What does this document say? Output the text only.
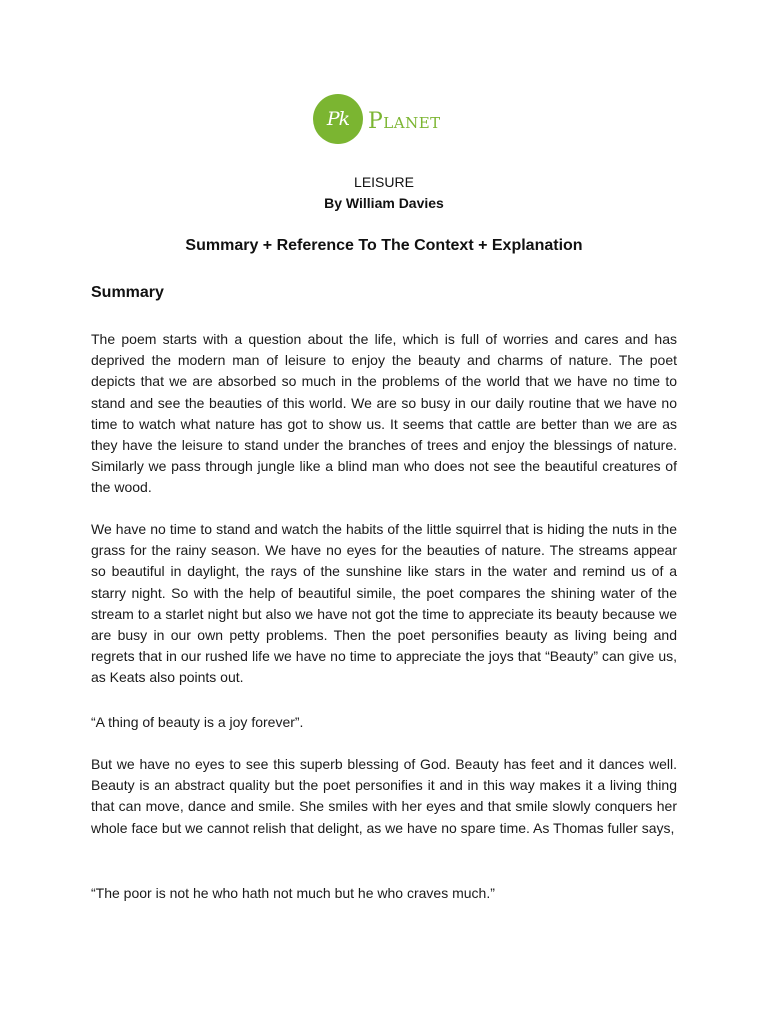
Pk Planet
LEISURE
By William Davies
Summary + Reference To The Context + Explanation
Summary

The poem starts with a question about the life, which is full of worries and cares and has deprived the modern man of leisure to enjoy the beauty and charms of nature. The poet depicts that we are absorbed so much in the problems of the world that we have no time to stand and see the beauties of this world. We are so busy in our daily routine that we have no time to watch what nature has got to show us. It seems that cattle are better than we are as they have the leisure to stand under the branches of trees and enjoy the blessings of nature. Similarly we pass through jungle like a blind man who does not see the beautiful creatures of the wood.

We have no time to stand and watch the habits of the little squirrel that is hiding the nuts in the grass for the rainy season. We have no eyes for the beauties of nature. The streams appear so beautiful in daylight, the rays of the sunshine like stars in the water and remind us of a starry night. So with the help of beautiful simile, the poet compares the shining water of the stream to a starlet night but also we have not got the time to appreciate its beauty because we are busy in our own petty problems. Then the poet personifies beauty as living being and regrets that in our rushed life we have no time to appreciate the joys that “Beauty” can give us, as Keats also points out.

“A thing of beauty is a joy forever”.

But we have no eyes to see this superb blessing of God. Beauty has feet and it dances well. Beauty is an abstract quality but the poet personifies it and in this way makes it a living thing that can move, dance and smile. She smiles with her eyes and that smile slowly conquers her whole face but we cannot relish that delight, as we have no spare time. As Thomas fuller says,

“The poor is not he who hath not much but he who craves much.”
